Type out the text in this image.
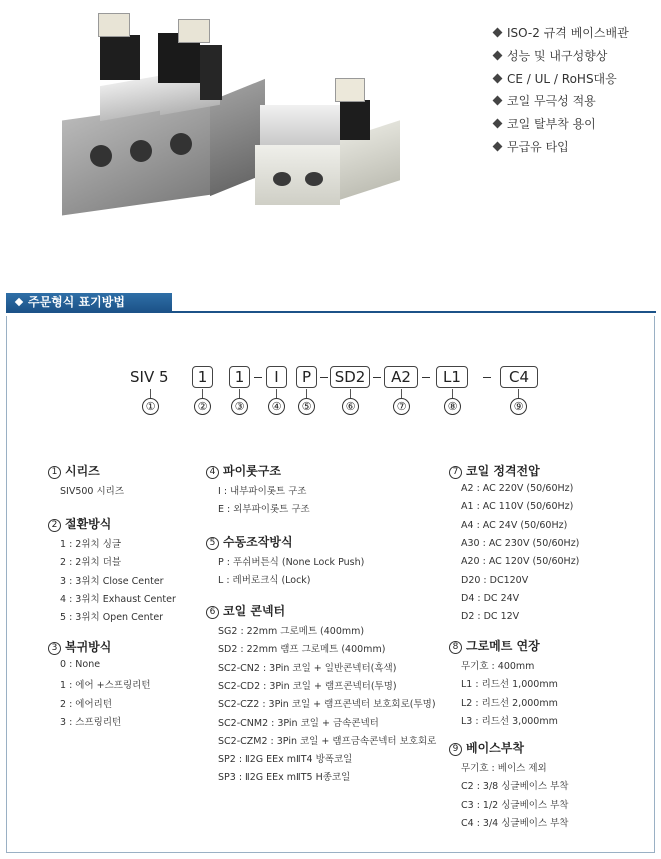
ISO-2 규격 베이스배관
성능 및 내구성향상
CE / UL / RoHS대응
코일 무극성 적용
코일 탈부착 용이
무급유 타입
주문형식 표기방법
SIV 5	1	1	I	P	SD2	A2	L1	C4
①	②	③	④	⑤	⑥	⑦	⑧	⑨
1 시리즈
SIV500 시리즈
2 절환방식
1 : 2위치 싱글
2 : 2위치 더블
3 : 3위치 Close Center
4 : 3위치 Exhaust Center
5 : 3위치 Open Center
3 복귀방식
0 : None
1 : 에어 +스프링리턴
2 : 에어리턴
3 : 스프링리턴
4 파이롯구조
I : 내부파이롯트 구조
E : 외부파이롯트 구조
5 수동조작방식
P : 푸쉬버튼식 (None Lock Push)
L : 레버로크식 (Lock)
6 코일 콘넥터
SG2 : 22mm 그로메트 (400mm)
SD2 : 22mm 램프 그로메트 (400mm)
SC2-CN2 : 3Pin 코일 + 일반콘넥터(흑색)
SC2-CD2 : 3Pin 코일 + 램프콘넥터(투명)
SC2-CZ2 : 3Pin 코일 + 램프콘넥터 보호회로(투명)
SC2-CNM2 : 3Pin 코일 + 금속콘넥터
SC2-CZM2 : 3Pin 코일 + 램프금속콘넥터 보호회로
SP2 : Ⅱ2G EEx mⅡT4 방폭코일
SP3 : Ⅱ2G EEx mⅡT5 H종코일
7 코일 정격전압
A2 : AC 220V (50/60Hz)
A1 : AC 110V (50/60Hz)
A4 : AC 24V (50/60Hz)
A30 : AC 230V (50/60Hz)
A20 : AC 120V (50/60Hz)
D20 : DC120V
D4 : DC 24V
D2 : DC 12V
8 그로메트 연장
무기호 : 400mm
L1 : 리드선 1,000mm
L2 : 리드선 2,000mm
L3 : 리드선 3,000mm
9 베이스부착
무기호 : 베이스 제외
C2 : 3/8 싱글베이스 부착
C3 : 1/2 싱글베이스 부착
C4 : 3/4 싱글베이스 부착
